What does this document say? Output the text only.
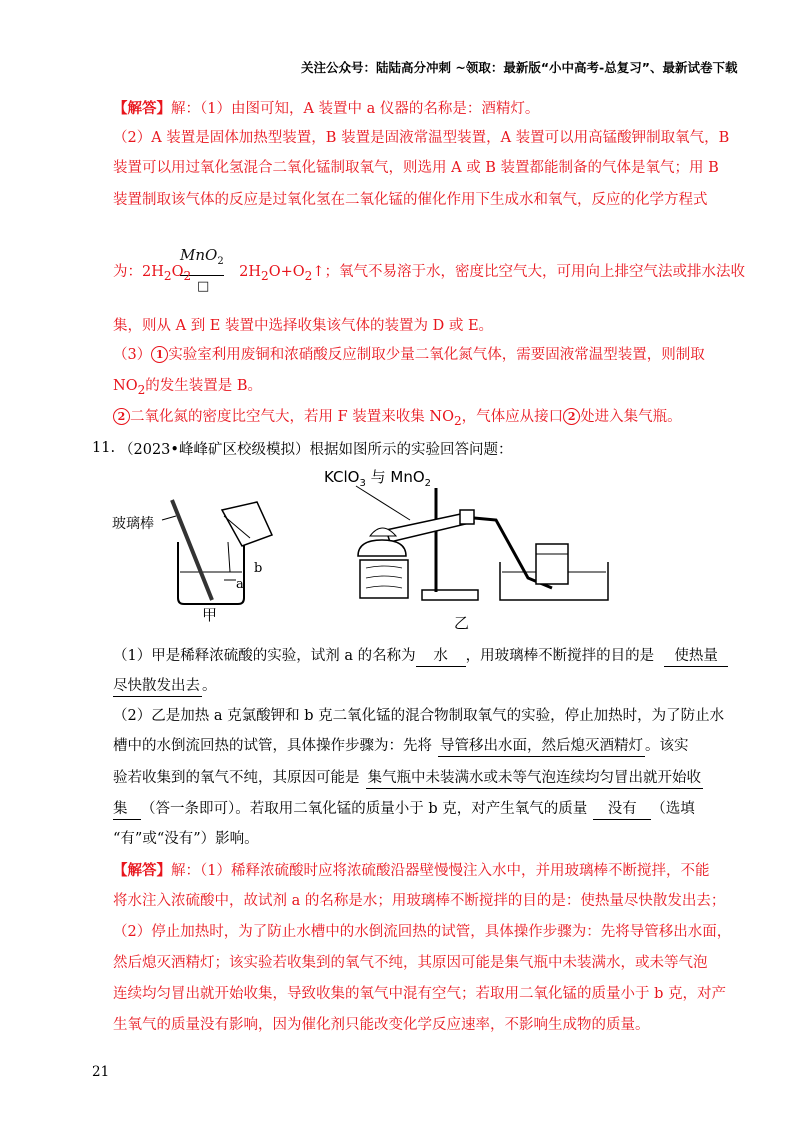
关注公众号：陆陆高分冲刺 ~领取：最新版“小中高考-总复习”、最新试卷下载
【解答】解：（1）由图可知，A 装置中 a 仪器的名称是：酒精灯。
（2）A 装置是固体加热型装置，B 装置是固液常温型装置，A 装置可以用高锰酸钾制取氧气，B
装置可以用过氧化氢混合二氧化锰制取氧气，则选用 A 或 B 装置都能制备的气体是氧气；用 B
装置制取该气体的反应是过氧化氢在二氧化锰的催化作用下生成水和氧气，反应的化学方程式
MnO$_2$
□
为：$2H_2O_2$	$2H_2O+O_2↑$；氧气不易溶于水，密度比空气大，可用向上排空气法或排水法收
集，则从 A 到 E 装置中选择收集该气体的装置为 D 或 E。
（3） 1 实验室利用废铜和浓硝酸反应制取少量二氧化氮气体，需要固液常温型装置，则制取
$NO_2$的发生装置是 B。
2 二氧化氮的密度比空气大，若用 F 装置来收集 $NO_2$，气体应从接口 2 处进入集气瓶。
11. （2023•峰峰矿区校级模拟）根据如图所示的实验回答问题：
玻璃棒
b
a
甲
KClO$_3$ 与 MnO$_2$
乙
（1）甲是稀释浓硫酸的实验，试剂 a 的名称为 水 ，用玻璃棒不断搅拌的目的是 使热量
尽快散发出去 。
（2）乙是加热 a 克氯酸钾和 b 克二氧化锰的混合物制取氧气的实验，停止加热时，为了防止水
槽中的水倒流回热的试管，具体操作步骤为：先将 导管移出水面，然后熄灭酒精灯 。该实
验若收集到的氧气不纯，其原因可能是 集气瓶中未装满水或未等气泡连续均匀冒出就开始收
集 （答一条即可）。若取用二氧化锰的质量小于 b 克，对产生氧气的质量 没有 （选填
“有”或“没有”）影响。
【解答】解：（1）稀释浓硫酸时应将浓硫酸沿器壁慢慢注入水中，并用玻璃棒不断搅拌，不能
将水注入浓硫酸中，故试剂 a 的名称是水；用玻璃棒不断搅拌的目的是：使热量尽快散发出去；
（2）停止加热时，为了防止水槽中的水倒流回热的试管，具体操作步骤为：先将导管移出水面，
然后熄灭酒精灯；该实验若收集到的氧气不纯，其原因可能是集气瓶中未装满水，或未等气泡
连续均匀冒出就开始收集，导致收集的氧气中混有空气；若取用二氧化锰的质量小于 b 克，对产
生氧气的质量没有影响，因为催化剂只能改变化学反应速率，不影响生成物的质量。
21
